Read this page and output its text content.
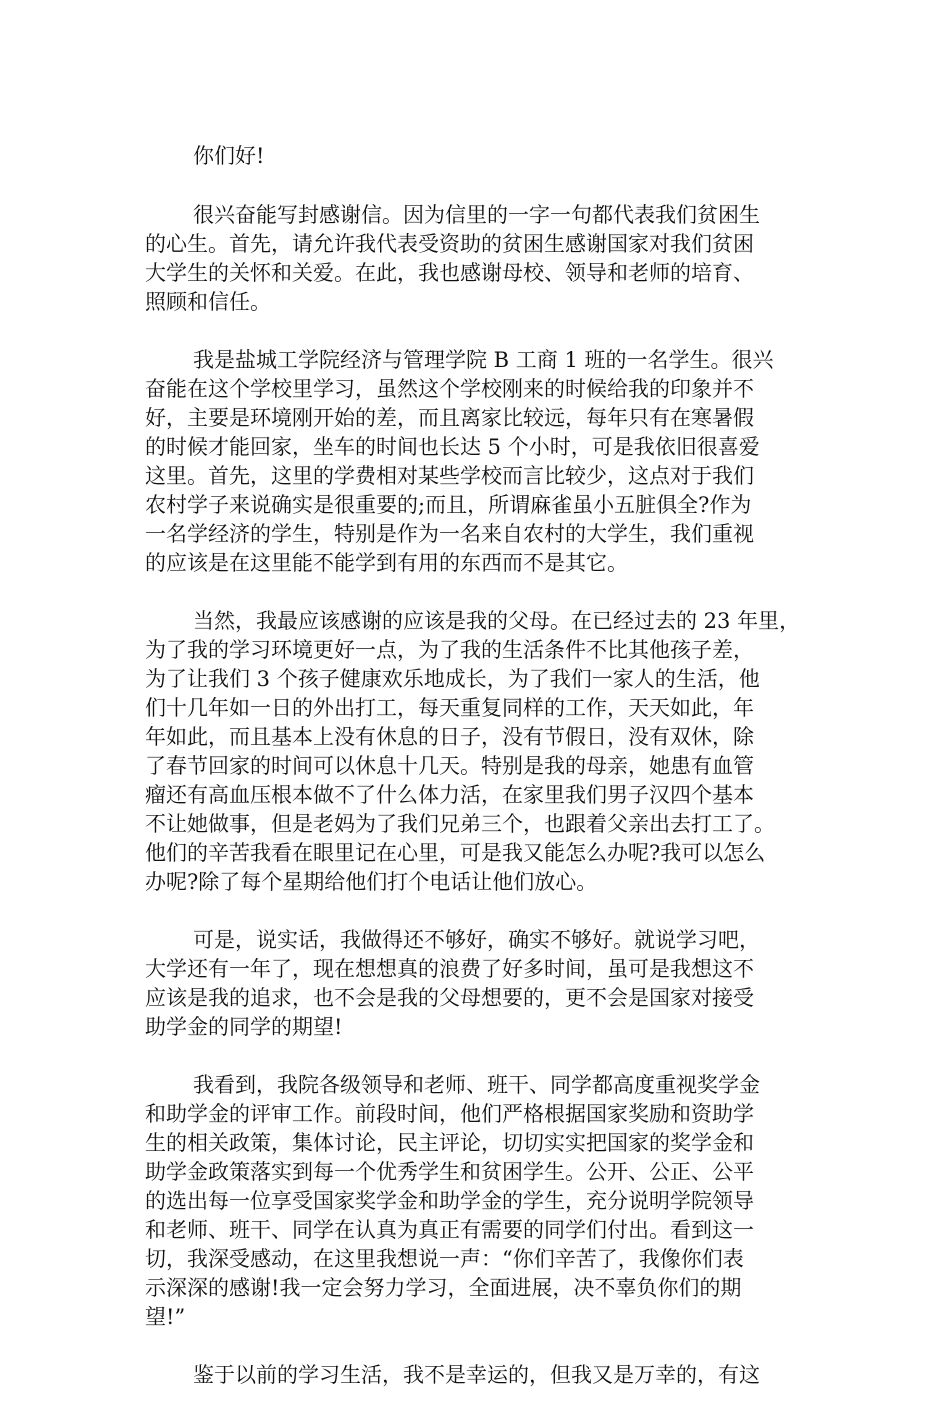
你们好!

很兴奋能写封感谢信。因为信里的一字一句都代表我们贫困生
的心生。首先，请允许我代表受资助的贫困生感谢国家对我们贫困
大学生的关怀和关爱。在此，我也感谢母校、领导和老师的培育、
照顾和信任。
我是盐城工学院经济与管理学院 B 工商 1 班的一名学生。很兴
奋能在这个学校里学习，虽然这个学校刚来的时候给我的印象并不
好，主要是环境刚开始的差，而且离家比较远，每年只有在寒暑假
的时候才能回家，坐车的时间也长达 5 个小时，可是我依旧很喜爱
这里。首先，这里的学费相对某些学校而言比较少，这点对于我们
农村学子来说确实是很重要的;而且，所谓麻雀虽小五脏俱全?作为
一名学经济的学生，特别是作为一名来自农村的大学生，我们重视
的应该是在这里能不能学到有用的东西而不是其它。
当然，我最应该感谢的应该是我的父母。在已经过去的 23 年里，
为了我的学习环境更好一点，为了我的生活条件不比其他孩子差，
为了让我们 3 个孩子健康欢乐地成长，为了我们一家人的生活，他
们十几年如一日的外出打工，每天重复同样的工作，天天如此，年
年如此，而且基本上没有休息的日子，没有节假日，没有双休，除
了春节回家的时间可以休息十几天。特别是我的母亲，她患有血管
瘤还有高血压根本做不了什么体力活，在家里我们男子汉四个基本
不让她做事，但是老妈为了我们兄弟三个，也跟着父亲出去打工了。
他们的辛苦我看在眼里记在心里，可是我又能怎么办呢?我可以怎么
办呢?除了每个星期给他们打个电话让他们放心。
可是，说实话，我做得还不够好，确实不够好。就说学习吧，
大学还有一年了，现在想想真的浪费了好多时间，虽可是我想这不
应该是我的追求，也不会是我的父母想要的，更不会是国家对接受
助学金的同学的期望!
我看到，我院各级领导和老师、班干、同学都高度重视奖学金
和助学金的评审工作。前段时间，他们严格根据国家奖励和资助学
生的相关政策，集体讨论，民主评论，切切实实把国家的奖学金和
助学金政策落实到每一个优秀学生和贫困学生。公开、公正、公平
的选出每一位享受国家奖学金和助学金的学生，充分说明学院领导
和老师、班干、同学在认真为真正有需要的同学们付出。看到这一
切，我深受感动，在这里我想说一声：“你们辛苦了，我像你们表
示深深的感谢!我一定会努力学习，全面进展，决不辜负你们的期
望!”
鉴于以前的学习生活，我不是幸运的，但我又是万幸的，有这
